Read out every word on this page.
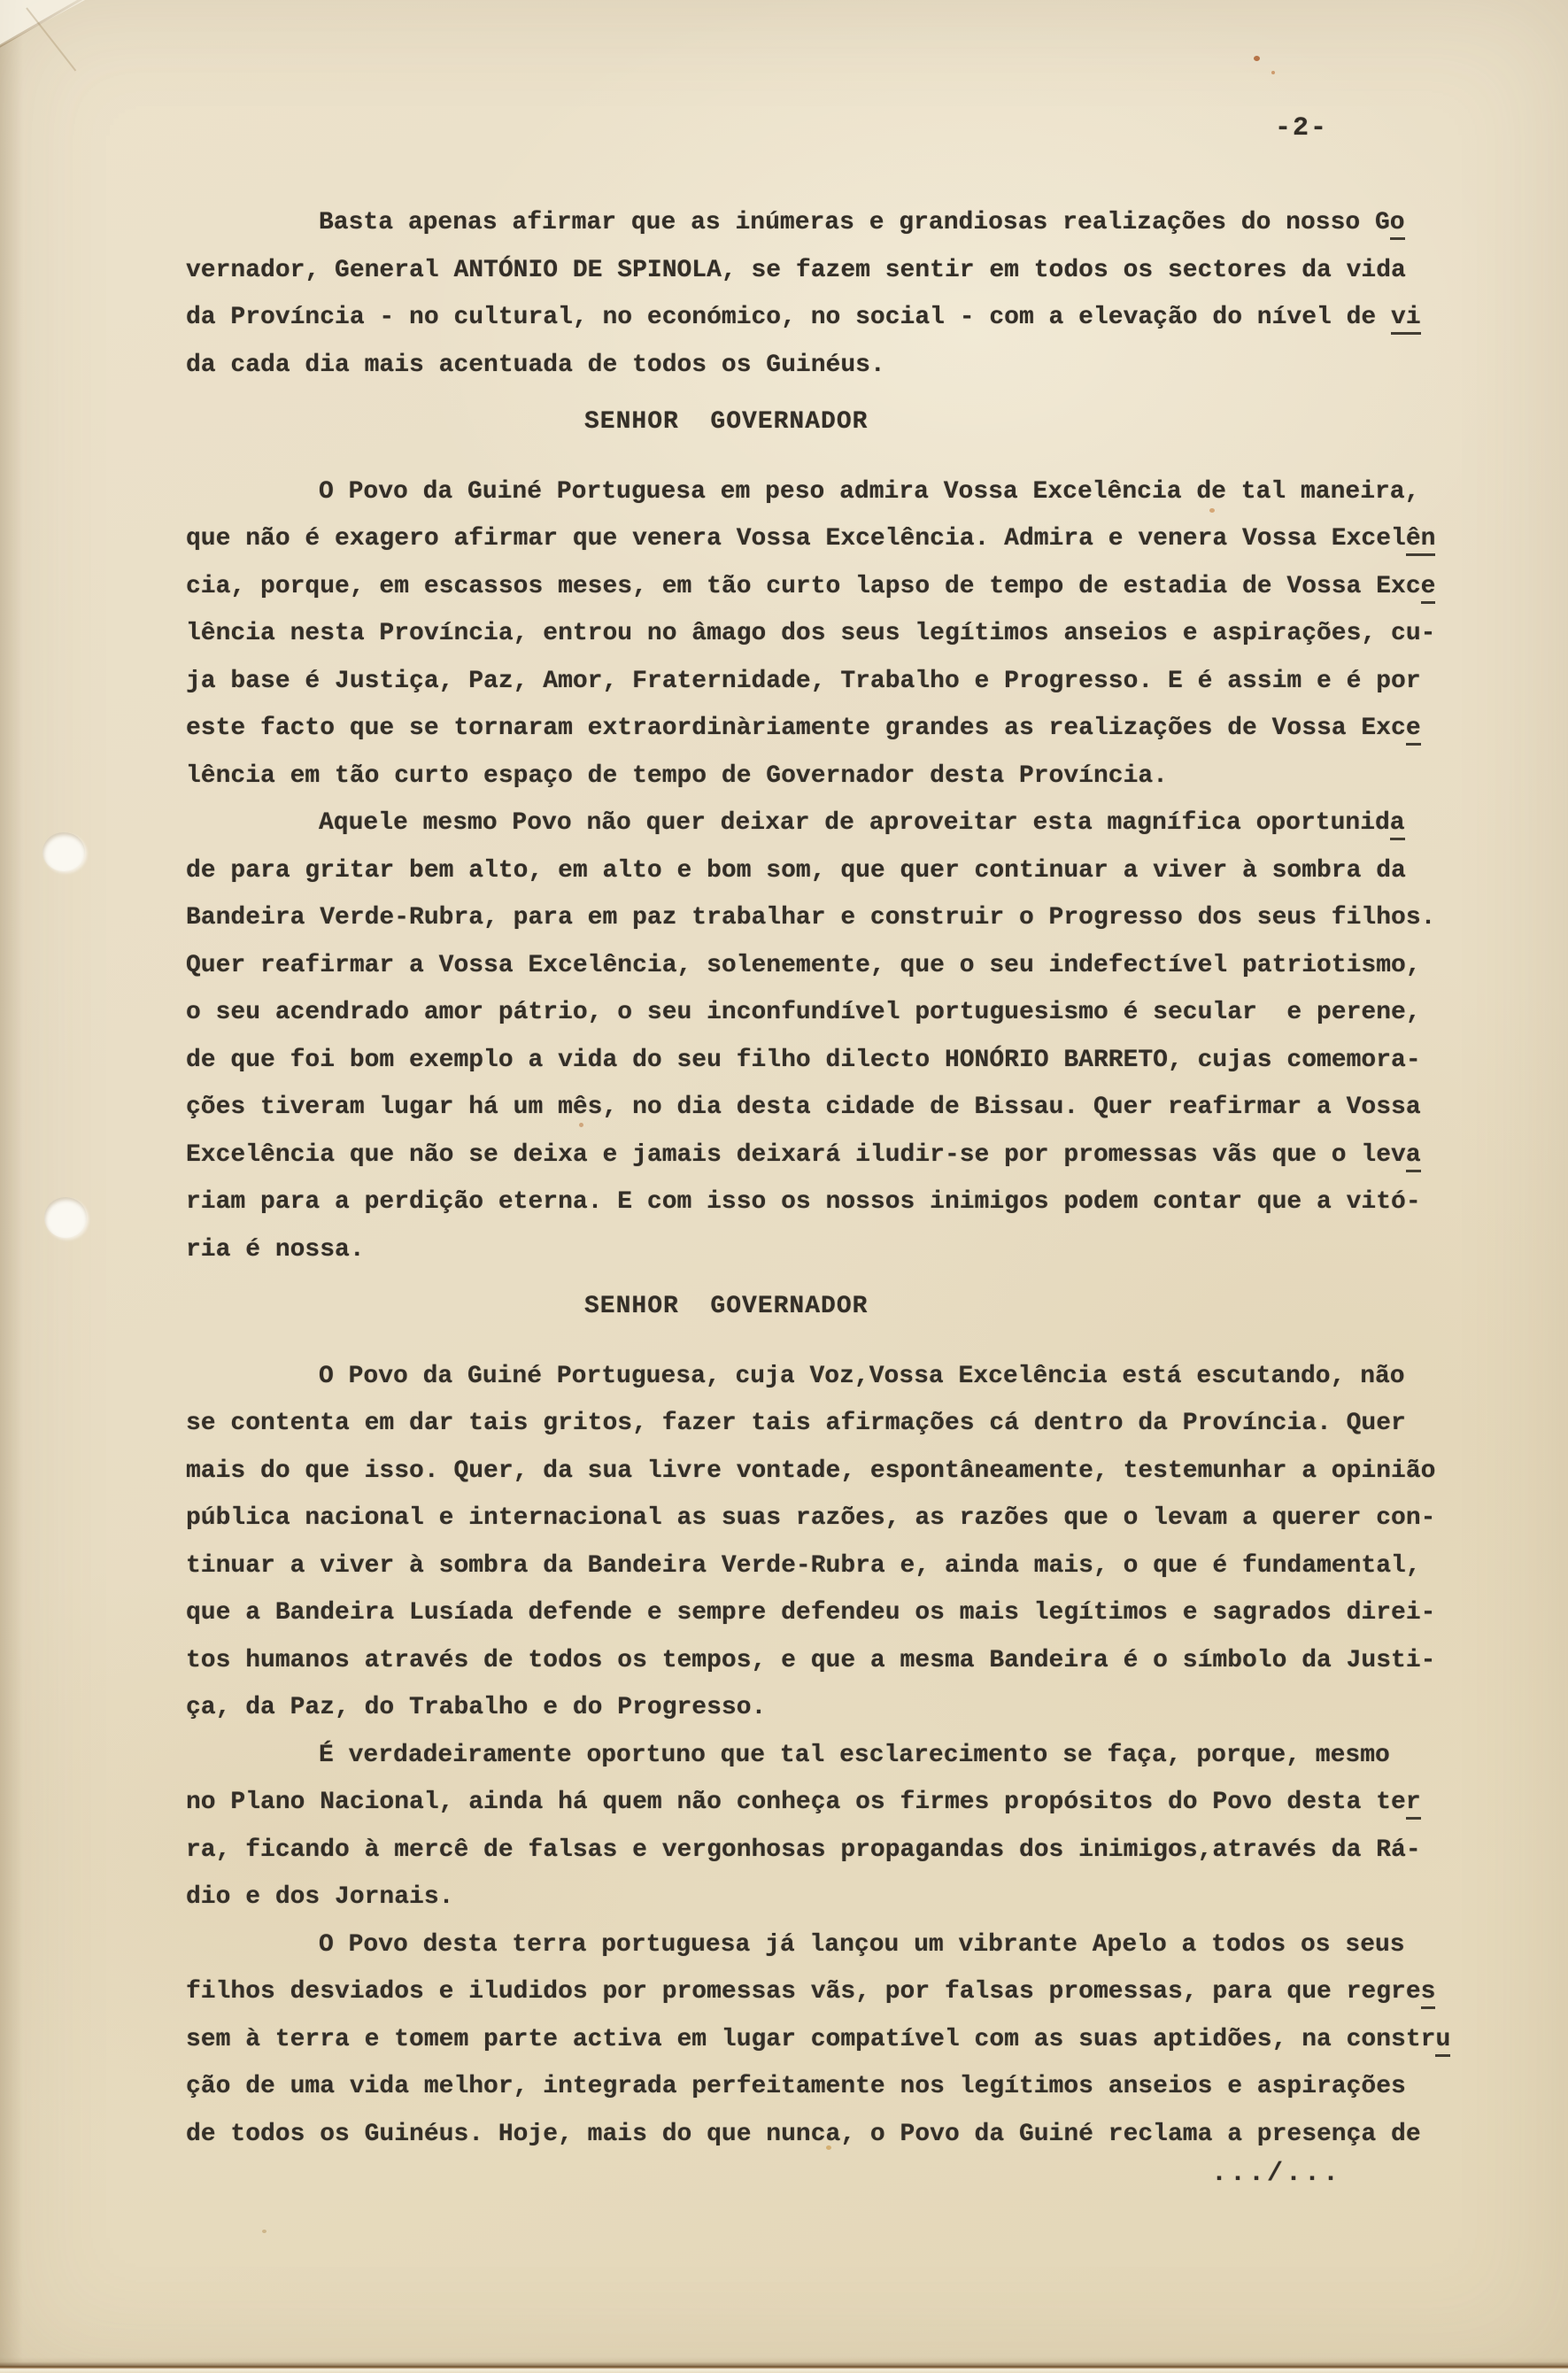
-2-
Basta apenas afirmar que as inúmeras e grandiosas realizações do nosso Go
vernador, General ANTÓNIO DE SPINOLA, se fazem sentir em todos os sectores da vida
da Província - no cultural, no económico, no social - com a elevação do nível de vi
da cada dia mais acentuada de todos os Guinéus.
SENHOR  GOVERNADOR
O Povo da Guiné Portuguesa em peso admira Vossa Excelência de tal maneira,
que não é exagero afirmar que venera Vossa Excelência. Admira e venera Vossa Excelên
cia, porque, em escassos meses, em tão curto lapso de tempo de estadia de Vossa Exce
lência nesta Província, entrou no âmago dos seus legítimos anseios e aspirações, cu-
ja base é Justiça, Paz, Amor, Fraternidade, Trabalho e Progresso. E é assim e é por
este facto que se tornaram extraordinàriamente grandes as realizações de Vossa Exce
lência em tão curto espaço de tempo de Governador desta Província.
Aquele mesmo Povo não quer deixar de aproveitar esta magnífica oportunida
de para gritar bem alto, em alto e bom som, que quer continuar a viver à sombra da
Bandeira Verde-Rubra, para em paz trabalhar e construir o Progresso dos seus filhos.
Quer reafirmar a Vossa Excelência, solenemente, que o seu indefectível patriotismo,
o seu acendrado amor pátrio, o seu inconfundível portuguesismo é secular  e perene,
de que foi bom exemplo a vida do seu filho dilecto HONÓRIO BARRETO, cujas comemora-
ções tiveram lugar há um mês, no dia desta cidade de Bissau. Quer reafirmar a Vossa
Excelência que não se deixa e jamais deixará iludir-se por promessas vãs que o leva
riam para a perdição eterna. E com isso os nossos inimigos podem contar que a vitó-
ria é nossa.
SENHOR  GOVERNADOR
O Povo da Guiné Portuguesa, cuja Voz,Vossa Excelência está escutando, não
se contenta em dar tais gritos, fazer tais afirmações cá dentro da Província. Quer
mais do que isso. Quer, da sua livre vontade, espontâneamente, testemunhar a opinião
pública nacional e internacional as suas razões, as razões que o levam a querer con-
tinuar a viver à sombra da Bandeira Verde-Rubra e, ainda mais, o que é fundamental,
que a Bandeira Lusíada defende e sempre defendeu os mais legítimos e sagrados direi-
tos humanos através de todos os tempos, e que a mesma Bandeira é o símbolo da Justi-
ça, da Paz, do Trabalho e do Progresso.
É verdadeiramente oportuno que tal esclarecimento se faça, porque, mesmo
no Plano Nacional, ainda há quem não conheça os firmes propósitos do Povo desta ter
ra, ficando à mercê de falsas e vergonhosas propagandas dos inimigos,através da Rá-
dio e dos Jornais.
O Povo desta terra portuguesa já lançou um vibrante Apelo a todos os seus
filhos desviados e iludidos por promessas vãs, por falsas promessas, para que regres
sem à terra e tomem parte activa em lugar compatível com as suas aptidões, na constru
ção de uma vida melhor, integrada perfeitamente nos legítimos anseios e aspirações
de todos os Guinéus. Hoje, mais do que nunca, o Povo da Guiné reclama a presença de
.../...
